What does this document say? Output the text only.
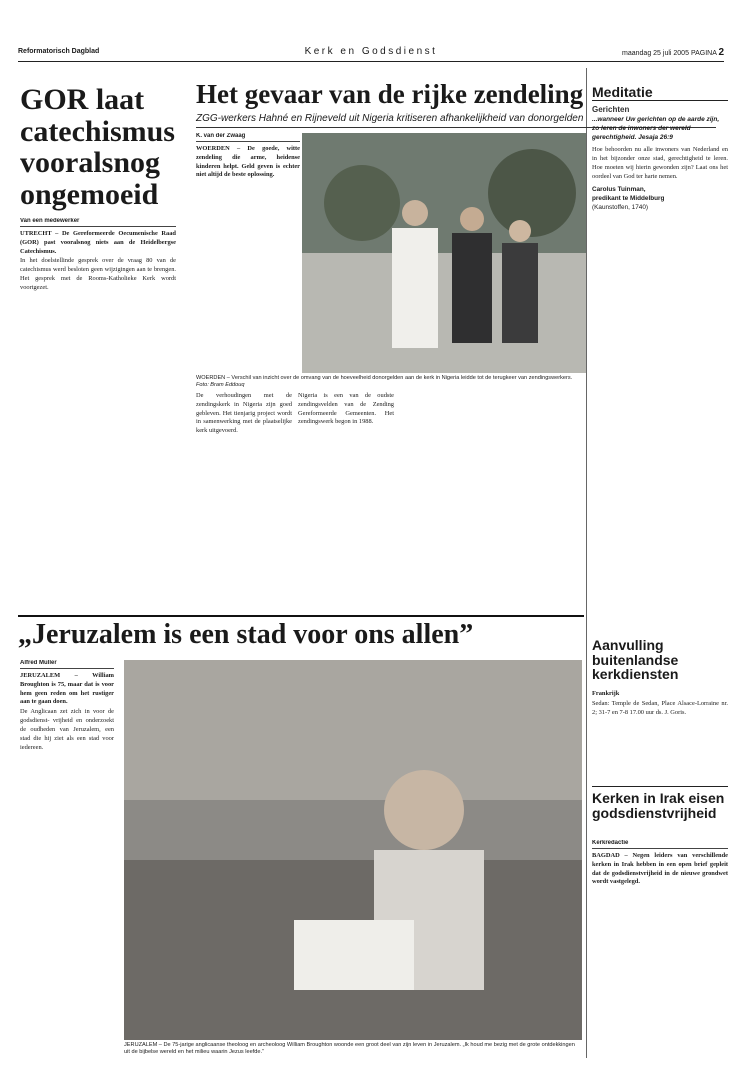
Reformatorisch Dagblad	Kerk en Godsdienst	maandag 25 juli 2005 PAGINA 2
GOR laat catechismus vooralsnog ongemoeid
Van een medewerker

UTRECHT – De Gereformeerde Oecumenische Raad (GOR) past vooralsnog niets aan de Heidelbergse Catechismus.

In het doelstellinde gesprek over de vraag 80 van de catechismus werd besloten geen wijzigingen aan te brengen. Het gesprek met de Rooms-Katholieke Kerk wordt voortgezet.

Het gevaar van de rijke zendeling
ZGG-werkers Hahné en Rijneveld uit Nigeria kritiseren afhankelijkheid van donorgelden
K. van der Zwaag

WOERDEN – De goede, witte zendeling die arme, heidense kinderen helpt. Geld geven is echter niet altijd de beste oplossing.

WOERDEN – Verschil van inzicht over de omvang van de hoeveelheid donorgelden aan de kerk in Nigeria leidde tot de terugkeer van zendingswerkers. Foto: Bram Eddouq
De verhoudingen met de zendingskerk in Nigeria zijn goed gebleven. Het tienjarig project wordt in samenwerking met de plaatselijke kerk uitgevoerd.
Nigeria is een van de oudste zendingsvelden van de Zending Gereformeerde Gemeenten. Het zendingswerk begon in 1988.
Meditatie
Gerichten
...wanneer Uw gerichten op de aarde zijn, zo leren de inwoners der wereld gerechtigheid. Jesaja 26:9
Hoe behoorden nu alle inwoners van Nederland en in het bijzonder onze stad, gerechtigheid te leren. Hoe moeten wij hierin gewonden zijn? Laat ons het oordeel van God ter harte nemen.
Carolus Tuinman,
predikant te Middelburg
(Kaunstoffen, 1740)
„Jeruzalem is een stad voor ons allen”
Alfred Muller

JERUZALEM – William Broughton is 75, maar dat is voor hem geen reden om het rustiger aan te gaan doen.

De Anglicaan zet zich in voor de godsdienst- vrijheid en onderzoekt de oudheden van Jeruzalem, een stad die hij ziet als een stad voor iedereen.

JERUZALEM – De 75-jarige anglicaanse theoloog en archeoloog William Broughton woonde een groot deel van zijn leven in Jeruzalem. „Ik houd me bezig met de grote ontdekkingen uit de bijbelse wereld en het milieu waarin Jezus leefde.”
Aanvulling buitenlandse kerkdiensten

Frankrijk

Sedan: Temple de Sedan, Place Alsace-Lorraine nr. 2; 31-7 en 7-8 17.00 uur ds. J. Goris.

Kerken in Irak eisen godsdienstvrijheid
Kerkredactie

BAGDAD – Negen leiders van verschillende kerken in Irak hebben in een open brief gepleit dat de godsdienstvrijheid in de nieuwe grondwet wordt vastgelegd.
